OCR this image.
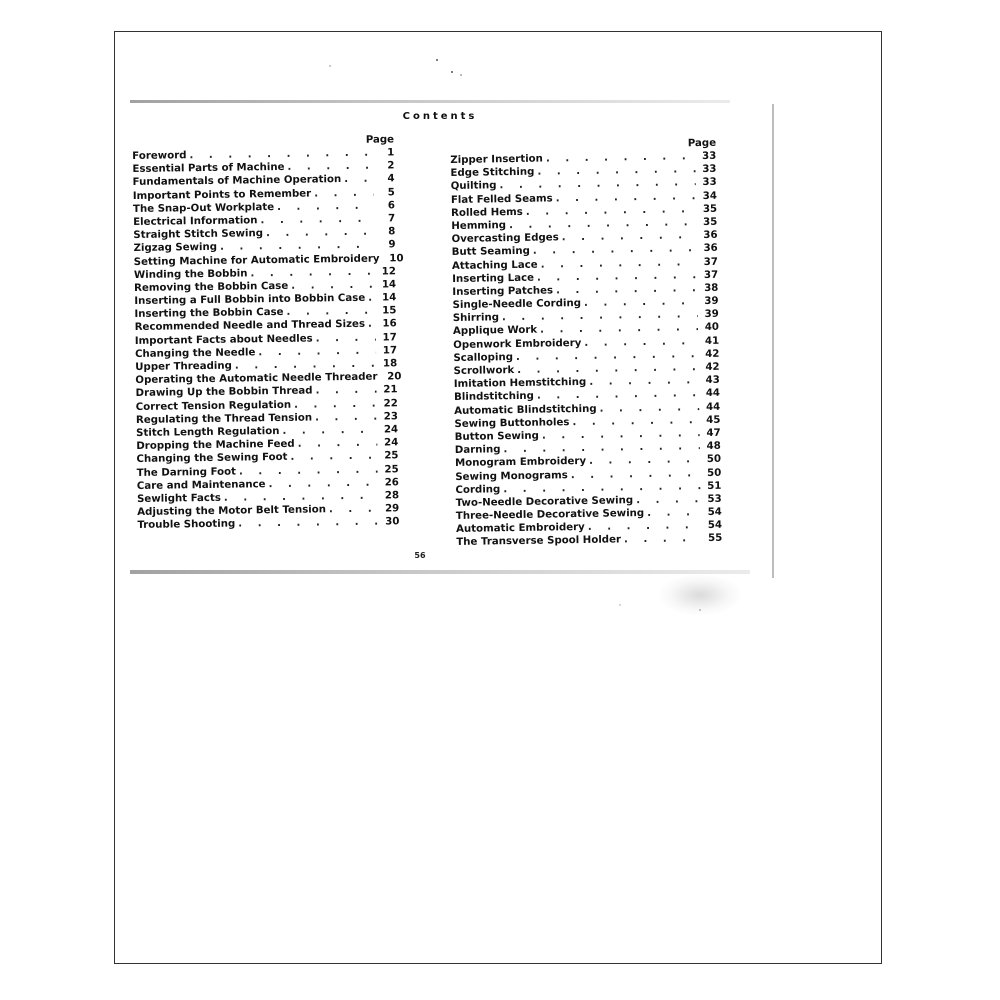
Contents
Page
Foreword . . .	1
Essential Parts of Machine . . .	2
Fundamentals of Machine Operation . . .	4
Important Points to Remember . . .	5
The Snap-Out Workplate . . .	6
Electrical Information . . .	7
Straight Stitch Sewing . . .	8
Zigzag Sewing . . .	9
Setting Machine for Automatic Embroidery . . . 10
Winding the Bobbin . . .	12
Removing the Bobbin Case . . .	14
Inserting a Full Bobbin into Bobbin Case . . .	14
Inserting the Bobbin Case . . .	15
Recommended Needle and Thread Sizes . . .	16
Important Facts about Needles . . .	17
Changing the Needle . . .	17
Upper Threading . . .	18
Operating the Automatic Needle Threader . . . 20
Drawing Up the Bobbin Thread . . .	21
Correct Tension Regulation . . .	22
Regulating the Thread Tension . . .	23
Stitch Length Regulation . . .	24
Dropping the Machine Feed . . .	24
Changing the Sewing Foot . . .	25
The Darning Foot . . .	25
Care and Maintenance . . .	26
Sewlight Facts . . .	28
Adjusting the Motor Belt Tension . . .	29
Trouble Shooting . . .	30
Page
Zipper Insertion . . .	33
Edge Stitching . . .	33
Quilting . . .	33
Flat Felled Seams . . .	34
Rolled Hems . . .	35
Hemming . . .	35
Overcasting Edges . . .	36
Butt Seaming . . .	36
Attaching Lace . . .	37
Inserting Lace . . .	37
Inserting Patches . . .	38
Single-Needle Cording . . .	39
Shirring . . .	39
Applique Work . . .	40
Openwork Embroidery . . .	41
Scalloping . . .	42
Scrollwork . . .	42
Imitation Hemstitching . . .	43
Blindstitching . . .	44
Automatic Blindstitching . . .	44
Sewing Buttonholes . . .	45
Button Sewing . . .	47
Darning . . .	48
Monogram Embroidery . . .	50
Sewing Monograms . . .	50
Cording . . .	51
Two-Needle Decorative Sewing . . .	53
Three-Needle Decorative Sewing . . .	54
Automatic Embroidery . . .	54
The Transverse Spool Holder . . .	55
56
